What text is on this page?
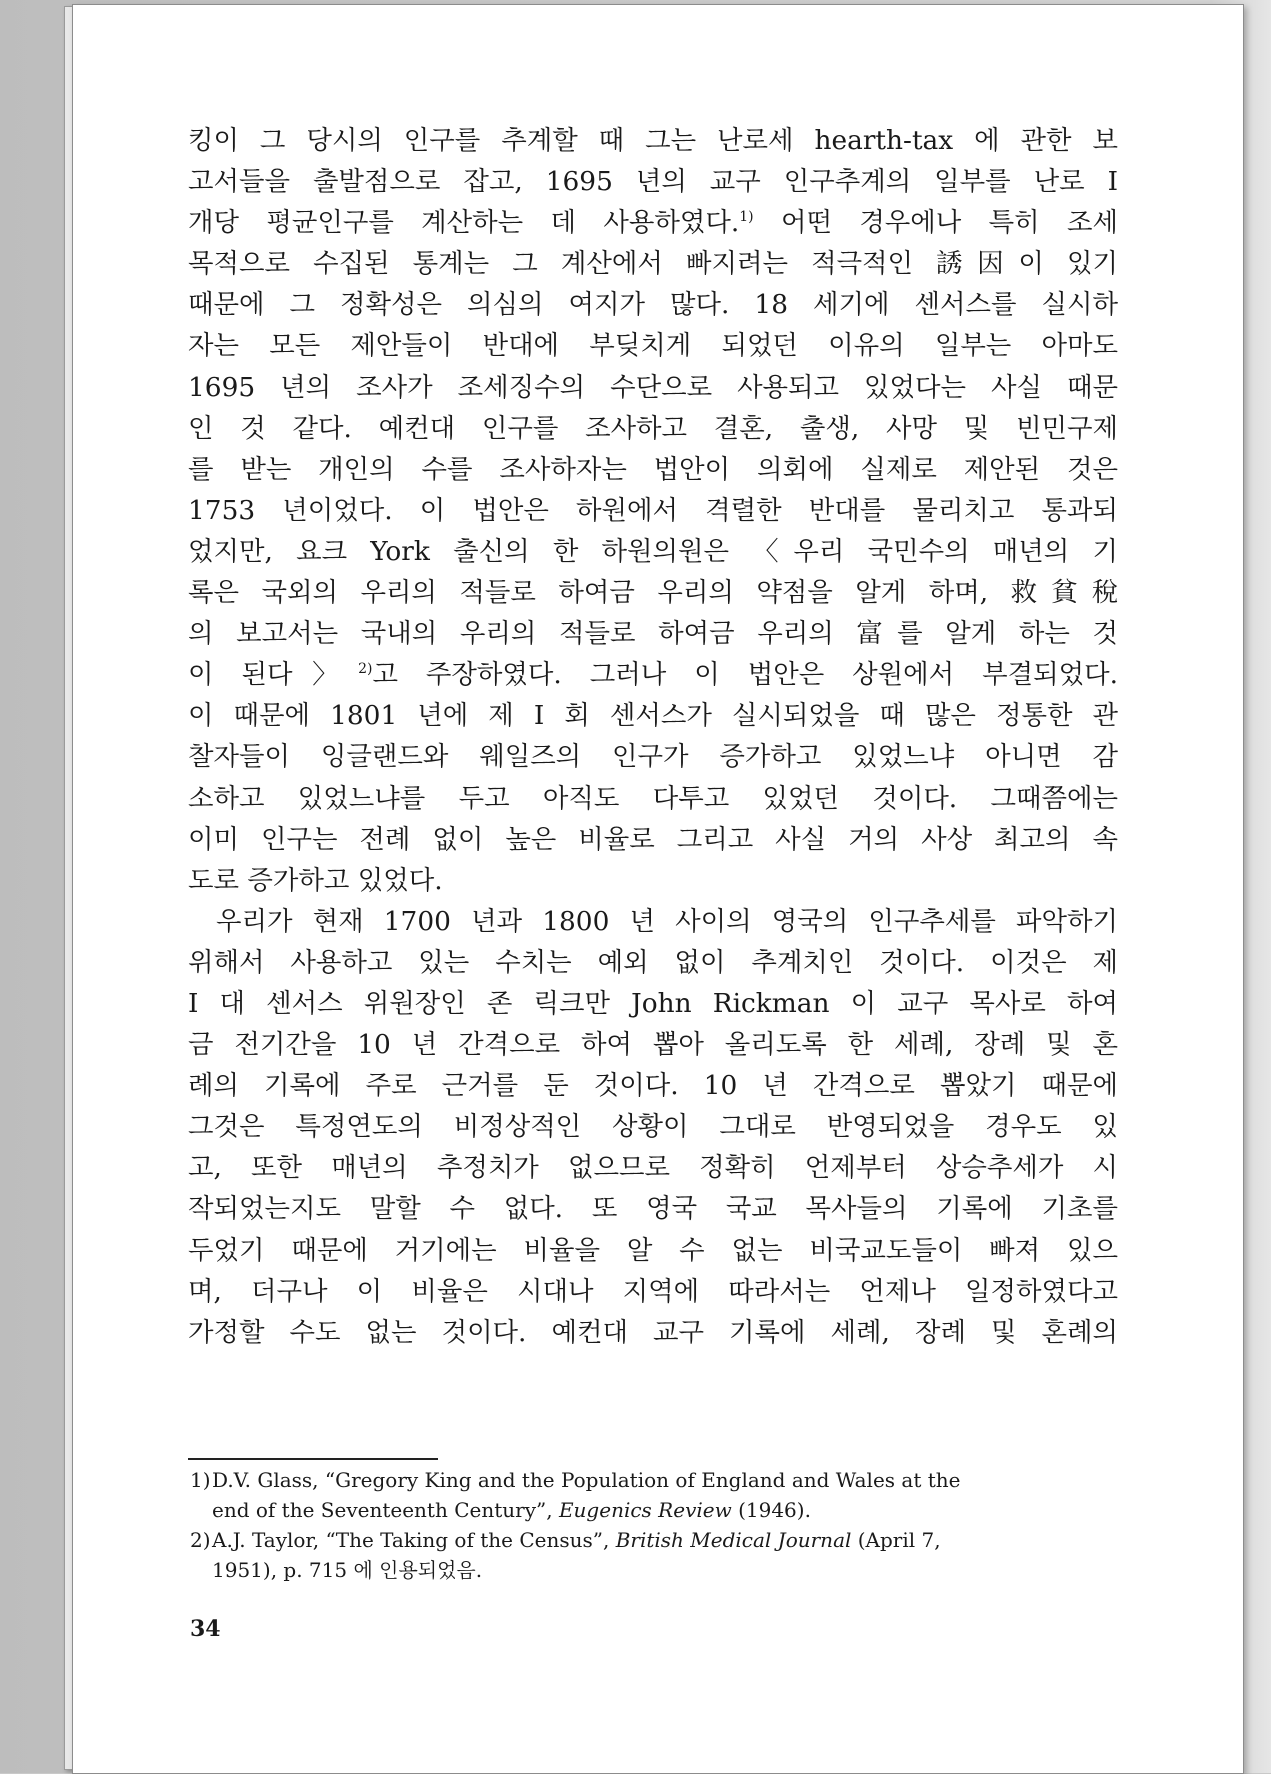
킹이 그 당시의 인구를 추계할 때 그는 난로세 hearth-tax 에 관한 보
고서들을 출발점으로 잡고, 1695 년의 교구 인구추계의 일부를 난로 I
개당 평균인구를 계산하는 데 사용하였다.$^{1)}$ 어떤 경우에나 특히 조세
목적으로 수집된 통계는 그 계산에서 빠지려는 적극적인 誘因이 있기
때문에 그 정확성은 의심의 여지가 많다. 18 세기에 센서스를 실시하
자는 모든 제안들이 반대에 부딪치게 되었던 이유의 일부는 아마도
1695 년의 조사가 조세징수의 수단으로 사용되고 있었다는 사실 때문
인 것 같다. 예컨대 인구를 조사하고 결혼, 출생, 사망 및 빈민구제
를 받는 개인의 수를 조사하자는 법안이 의회에 실제로 제안된 것은
1753 년이었다. 이 법안은 하원에서 격렬한 반대를 물리치고 통과되
었지만, 요크 York 출신의 한 하원의원은 〈우리 국민수의 매년의 기
록은 국외의 우리의 적들로 하여금 우리의 약점을 알게 하며, 救貧稅
의 보고서는 국내의 우리의 적들로 하여금 우리의 富를 알게 하는 것
이 된다〉$^{2)}$고 주장하였다. 그러나 이 법안은 상원에서 부결되었다.
이 때문에 1801 년에 제 I 회 센서스가 실시되었을 때 많은 정통한 관
찰자들이 잉글랜드와 웨일즈의 인구가 증가하고 있었느냐 아니면 감
소하고 있었느냐를 두고 아직도 다투고 있었던 것이다. 그때쯤에는
이미 인구는 전례 없이 높은 비율로 그리고 사실 거의 사상 최고의 속
도로 증가하고 있었다.
우리가 현재 1700 년과 1800 년 사이의 영국의 인구추세를 파악하기
위해서 사용하고 있는 수치는 예외 없이 추계치인 것이다. 이것은 제
I 대 센서스 위원장인 존 릭크만 John Rickman 이 교구 목사로 하여
금 전기간을 10 년 간격으로 하여 뽑아 올리도록 한 세례, 장례 및 혼
례의 기록에 주로 근거를 둔 것이다. 10 년 간격으로 뽑았기 때문에
그것은 특정연도의 비정상적인 상황이 그대로 반영되었을 경우도 있
고, 또한 매년의 추정치가 없으므로 정확히 언제부터 상승추세가 시
작되었는지도 말할 수 없다. 또 영국 국교 목사들의 기록에 기초를
두었기 때문에 거기에는 비율을 알 수 없는 비국교도들이 빠져 있으
며, 더구나 이 비율은 시대나 지역에 따라서는 언제나 일정하였다고
가정할 수도 없는 것이다. 예컨대 교구 기록에 세례, 장례 및 혼례의
1)D.V. Glass, “Gregory King and the Population of England and Wales at the
end of the Seventeenth Century”, Eugenics Review (1946).
2)A.J. Taylor, “The Taking of the Census”, British Medical Journal (April 7,
1951), p. 715 에 인용되었음.
34
